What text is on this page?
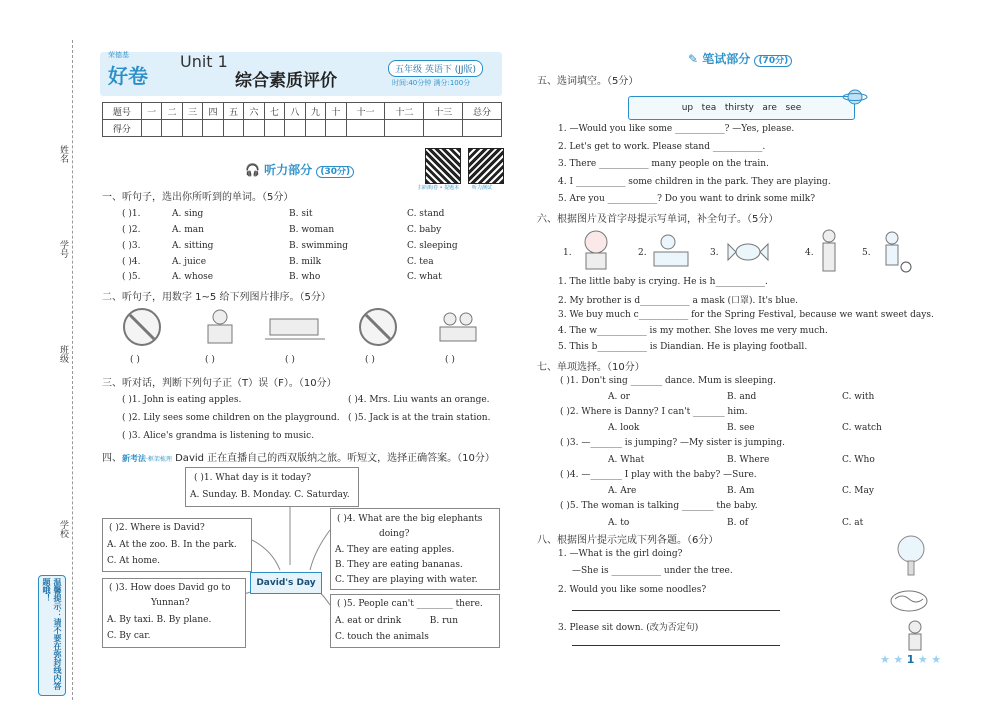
姓名
学号
班级
学校
温馨提示：请不要在弥封线内答题哦！
荣德基
好卷
Unit 1
综合素质评价
五年级 英语下 (JJ版)
时间:40分钟 满分:100分
题号	一	二	三	四	五	六	七	八	九	十	十一	十二	十三	总分
得分														
🎧 听力部分 (30分)
扫码购卷 • 提题本	听力测试
一、听句子，选出你所听到的单词。（5分）
( )1.	A. sing	B. sit	C. stand
( )2.	A. man	B. woman	C. baby
( )3.	A. sitting	B. swimming	C. sleeping
( )4.	A. juice	B. milk	C. tea
( )5.	A. whose	B. who	C. what
二、听句子，用数字 1~5 给下列图片排序。（5分）
( )	( )	( )	( )	( )
三、听对话，判断下列句子正（T）误（F）。（10分）
( )1. John is eating apples.
( )2. Lily sees some children on the playground.
( )3. Alice's grandma is listening to music.
( )4. Mrs. Liu wants an orange.
( )5. Jack is at the train station.
四、新考法·框架梳理 David 正在直播自己的西双版纳之旅。听短文，选择正确答案。（10分）
( )1. What day is it today?
A. Sunday. B. Monday. C. Saturday.
( )2. Where is David?
A. At the zoo. B. In the park.
C. At home.
David's Day
( )3. How does David go to
Yunnan?
A. By taxi. B. By plane.
C. By car.
( )4. What are the big elephants
doing?
A. They are eating apples.
B. They are eating bananas.
C. They are playing with water.
( )5. People can't ________ there.
A. eat or drink          B. run
C. touch the animals
✎ 笔试部分 (70分)
五、选词填空。（5分）
up   tea   thirsty   are   see
1. —Would you like some ___________? —Yes, please.
2. Let's get to work. Please stand ___________.
3. There ___________ many people on the train.
4. I ___________ some children in the park. They are playing.
5. Are you ___________? Do you want to drink some milk?
六、根据图片及首字母提示写单词，补全句子。（5分）
1.	2.	3.	4.	5.
1. The little baby is crying. He is h___________.
2. My brother is d___________ a mask (口罩). It's blue.
3. We buy much c___________ for the Spring Festival, because we want sweet days.
4. The w___________ is my mother. She loves me very much.
5. This b___________ is Diandian. He is playing football.
七、单项选择。（10分）
( )1. Don't sing _______ dance. Mum is sleeping.
A. or	B. and	C. with
( )2. Where is Danny? I can't _______ him.
A. look	B. see	C. watch
( )3. —_______ is jumping? —My sister is jumping.
A. What	B. Where	C. Who
( )4. —_______ I play with the baby? —Sure.
A. Are	B. Am	C. May
( )5. The woman is talking _______ the baby.
A. to	B. of	C. at
八、根据图片提示完成下列各题。（6分）
1. —What is the girl doing?
—She is ___________ under the tree.
2. Would you like some noodles?
3. Please sit down. (改为否定句)
★ ★ 1 ★ ★
